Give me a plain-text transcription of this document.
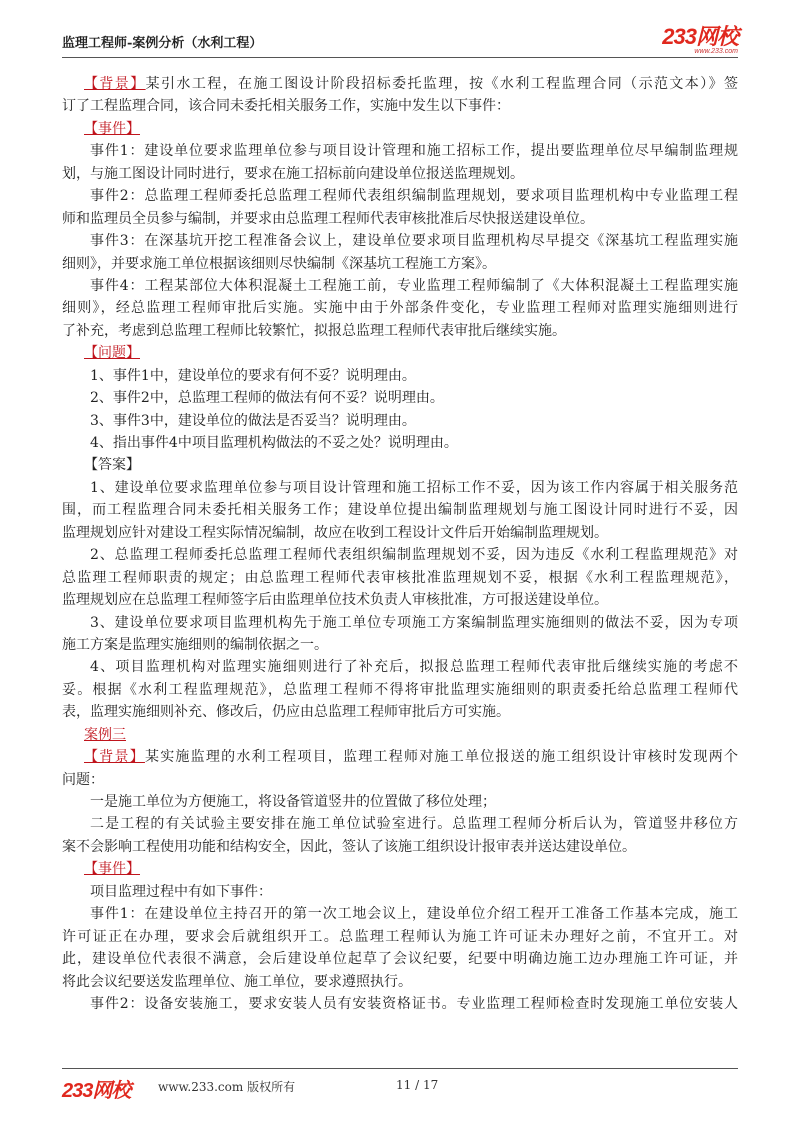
监理工程师-案例分析（水利工程）	233网校
www.233.com
【背景】某引水工程，在施工图设计阶段招标委托监理，按《水利工程监理合同（示范文本）》签
订了工程监理合同，该合同未委托相关服务工作，实施中发生以下事件：
【事件】
事件1：建设单位要求监理单位参与项目设计管理和施工招标工作，提出要监理单位尽早编制监理规
划，与施工图设计同时进行，要求在施工招标前向建设单位报送监理规划。
事件2：总监理工程师委托总监理工程师代表组织编制监理规划，要求项目监理机构中专业监理工程
师和监理员全员参与编制，并要求由总监理工程师代表审核批准后尽快报送建设单位。
事件3：在深基坑开挖工程准备会议上，建设单位要求项目监理机构尽早提交《深基坑工程监理实施
细则》，并要求施工单位根据该细则尽快编制《深基坑工程施工方案》。
事件4：工程某部位大体积混凝土工程施工前，专业监理工程师编制了《大体积混凝土工程监理实施
细则》，经总监理工程师审批后实施。实施中由于外部条件变化，专业监理工程师对监理实施细则进行
了补充，考虑到总监理工程师比较繁忙，拟报总监理工程师代表审批后继续实施。
【问题】
1、事件1中，建设单位的要求有何不妥？说明理由。
2、事件2中，总监理工程师的做法有何不妥？说明理由。
3、事件3中，建设单位的做法是否妥当？说明理由。
4、指出事件4中项目监理机构做法的不妥之处？说明理由。
【答案】
1、建设单位要求监理单位参与项目设计管理和施工招标工作不妥，因为该工作内容属于相关服务范
围，而工程监理合同未委托相关服务工作；建设单位提出编制监理规划与施工图设计同时进行不妥，因
监理规划应针对建设工程实际情况编制，故应在收到工程设计文件后开始编制监理规划。
2、总监理工程师委托总监理工程师代表组织编制监理规划不妥，因为违反《水利工程监理规范》对
总监理工程师职责的规定；由总监理工程师代表审核批准监理规划不妥，根据《水利工程监理规范》，
监理规划应在总监理工程师签字后由监理单位技术负责人审核批准，方可报送建设单位。
3、建设单位要求项目监理机构先于施工单位专项施工方案编制监理实施细则的做法不妥，因为专项
施工方案是监理实施细则的编制依据之一。
4、项目监理机构对监理实施细则进行了补充后，拟报总监理工程师代表审批后继续实施的考虑不
妥。根据《水利工程监理规范》，总监理工程师不得将审批监理实施细则的职责委托给总监理工程师代
表，监理实施细则补充、修改后，仍应由总监理工程师审批后方可实施。
案例三
【背景】某实施监理的水利工程项目，监理工程师对施工单位报送的施工组织设计审核时发现两个
问题：
一是施工单位为方便施工，将设备管道竖井的位置做了移位处理；
二是工程的有关试验主要安排在施工单位试验室进行。总监理工程师分析后认为，管道竖井移位方
案不会影响工程使用功能和结构安全，因此，签认了该施工组织设计报审表并送达建设单位。
【事件】
项目监理过程中有如下事件：
事件1：在建设单位主持召开的第一次工地会议上，建设单位介绍工程开工准备工作基本完成，施工
许可证正在办理，要求会后就组织开工。总监理工程师认为施工许可证未办理好之前，不宜开工。对
此，建设单位代表很不满意，会后建设单位起草了会议纪要，纪要中明确边施工边办理施工许可证，并
将此会议纪要送发监理单位、施工单位，要求遵照执行。
事件2：设备安装施工，要求安装人员有安装资格证书。专业监理工程师检查时发现施工单位安装人
233网校 www.233.com 版权所有	11 / 17
